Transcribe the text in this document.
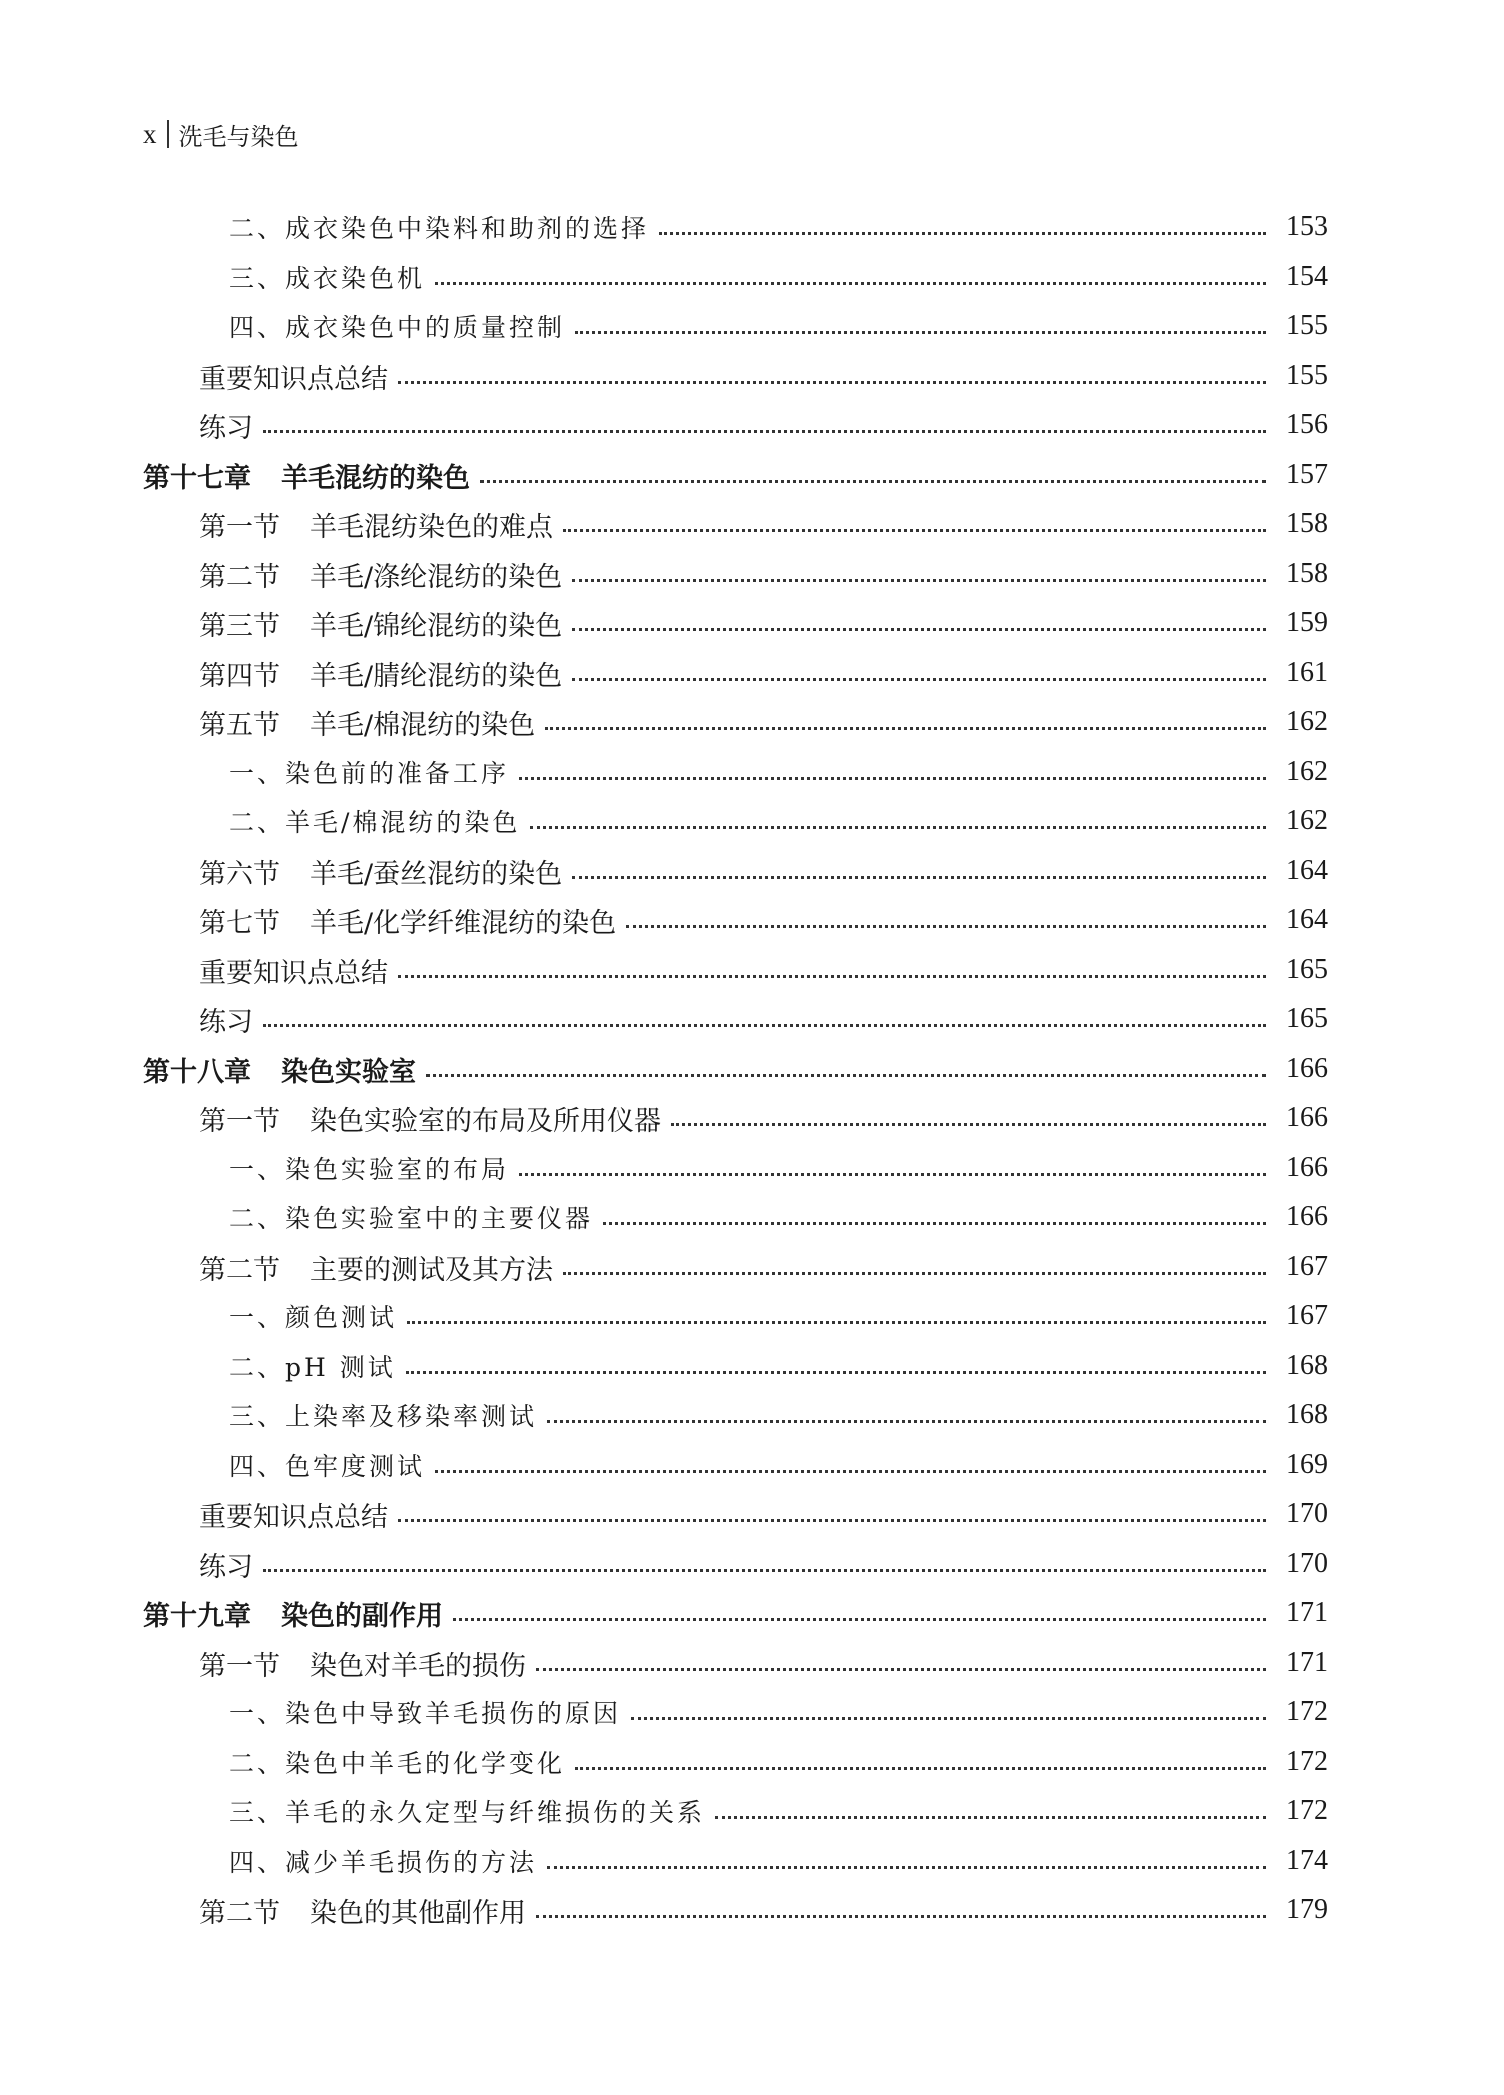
x 洗毛与染色
二、成衣染色中染料和助剂的选择	153
三、成衣染色机	154
四、成衣染色中的质量控制	155
重要知识点总结	155
练习	156
第十七章 羊毛混纺的染色	157
第一节 羊毛混纺染色的难点	158
第二节 羊毛/涤纶混纺的染色	158
第三节 羊毛/锦纶混纺的染色	159
第四节 羊毛/腈纶混纺的染色	161
第五节 羊毛/棉混纺的染色	162
一、染色前的准备工序	162
二、羊毛/棉混纺的染色	162
第六节 羊毛/蚕丝混纺的染色	164
第七节 羊毛/化学纤维混纺的染色	164
重要知识点总结	165
练习	165
第十八章 染色实验室	166
第一节 染色实验室的布局及所用仪器	166
一、染色实验室的布局	166
二、染色实验室中的主要仪器	166
第二节 主要的测试及其方法	167
一、颜色测试	167
二、pH 测试	168
三、上染率及移染率测试	168
四、色牢度测试	169
重要知识点总结	170
练习	170
第十九章 染色的副作用	171
第一节 染色对羊毛的损伤	171
一、染色中导致羊毛损伤的原因	172
二、染色中羊毛的化学变化	172
三、羊毛的永久定型与纤维损伤的关系	172
四、减少羊毛损伤的方法	174
第二节 染色的其他副作用	179
